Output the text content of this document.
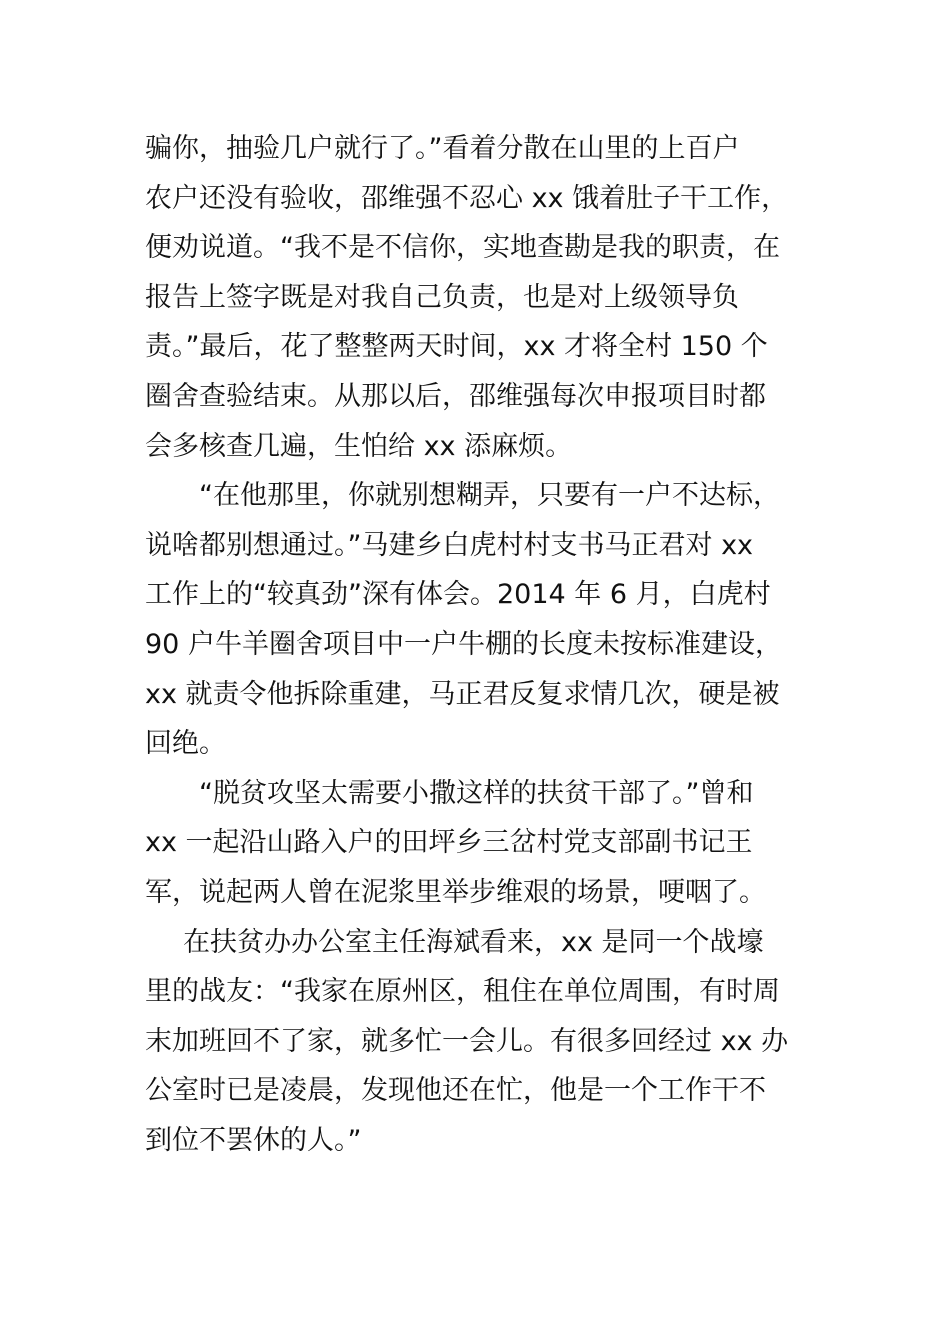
骗你，抽验几户就行了。”看着分散在山里的上百户
农户还没有验收，邵维强不忍心 xx 饿着肚子干工作，
便劝说道。“我不是不信你，实地查勘是我的职责，在
报告上签字既是对我自己负责，也是对上级领导负
责。”最后，花了整整两天时间，xx 才将全村 150 个
圈舍查验结束。从那以后，邵维强每次申报项目时都
会多核查几遍，生怕给 xx 添麻烦。
“在他那里，你就别想糊弄，只要有一户不达标，
说啥都别想通过。”马建乡白虎村村支书马正君对 xx
工作上的“较真劲”深有体会。2014 年 6 月，白虎村
90 户牛羊圈舍项目中一户牛棚的长度未按标准建设，
xx 就责令他拆除重建，马正君反复求情几次，硬是被
回绝。
“脱贫攻坚太需要小撒这样的扶贫干部了。”曾和
xx 一起沿山路入户的田坪乡三岔村党支部副书记王
军，说起两人曾在泥浆里举步维艰的场景，哽咽了。
在扶贫办办公室主任海斌看来，xx 是同一个战壕
里的战友：“我家在原州区，租住在单位周围，有时周
末加班回不了家，就多忙一会儿。有很多回经过 xx 办
公室时已是凌晨，发现他还在忙，他是一个工作干不
到位不罢休的人。”
